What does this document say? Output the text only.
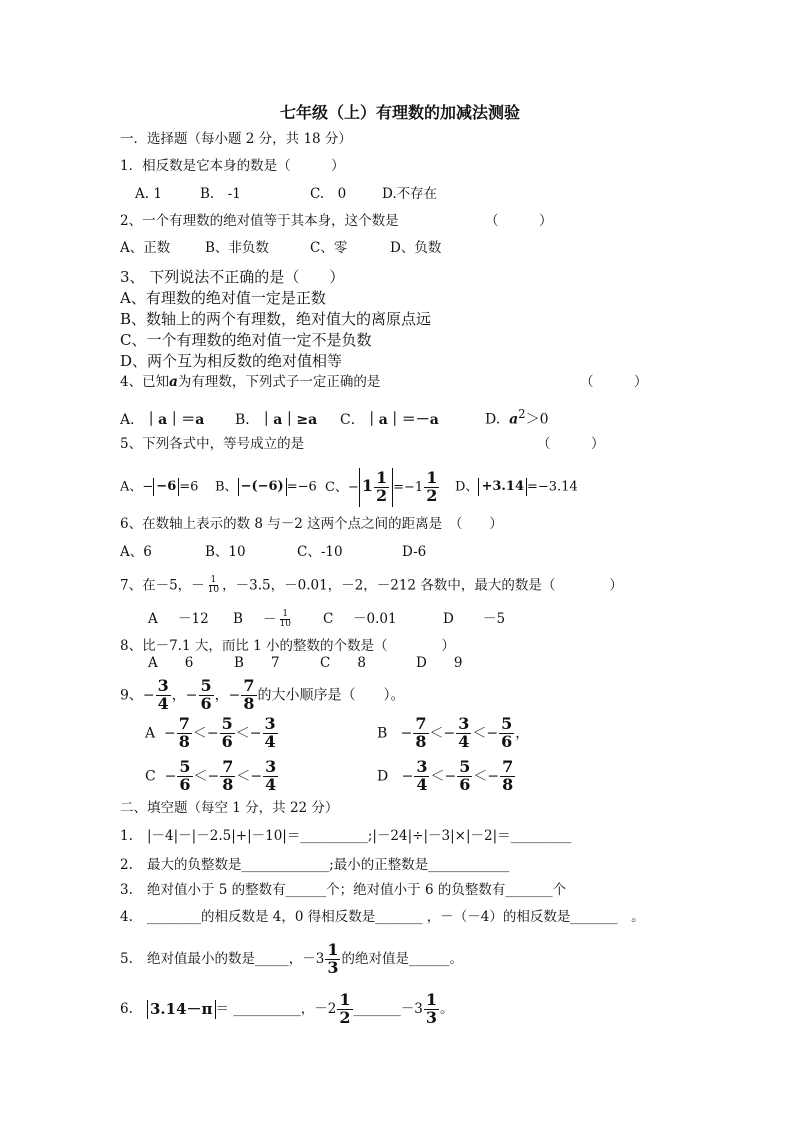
七年级（上）有理数的加减法测验
一．选择题（每小题 2 分，共 18 分）
1．相反数是它本身的数是（　　　）
A. 1	B.　-1	C.　0	D.不存在
2、一个有理数的绝对值等于其本身，这个数是	（　　　）
A、正数	B、非负数	C、零	D、负数
3、 下列说法不正确的是（　　）
A、有理数的绝对值一定是正数
B、数轴上的两个有理数，绝对值大的离原点远
C、一个有理数的绝对值一定不是负数
D、两个互为相反数的绝对值相等
4、已知a为有理数，下列式子一定正确的是	（　　　）
A．｜a｜＝a B．｜a｜≥a C．｜a｜＝－a	D. $a^2>0$
5、下列各式中，等号成立的是	（　　　）
A、− −6 =6 B、 −(−6) =−6 C、− $1 \frac{1}{2} =-1 \frac{1}{2}$ D、 +3.14 =−3.14
6、在数轴上表示的数 8 与－2 这两个点之间的距离是　（　　）
A、6	B、10	C、-10	D-6
7、在－5，－ $\frac{1}{10}$ ，－3.5，－0.01，－2，－212 各数中，最大的数是（　　　　）
A －12 $B - \frac{1}{10}$ C －0.01	D －5
8、比－7.1 大，而比 1 小的整数的个数是（　　　　）
A　　6	B　　7	C　　8	D　　9
9、− $\frac{3}{4}$ ，− $\frac{5}{6}$ ，− $\frac{7}{8}$ 的大小顺序是（　　）。
$A - \frac{7}{8} <- \frac{5}{6} <- \frac{3}{4}$	$B - \frac{7}{8} <- \frac{3}{4} <- \frac{5}{6}$ ，
$C - \frac{5}{6} <- \frac{7}{8} <- \frac{3}{4}$	$D - \frac{3}{4} <- \frac{5}{6} <- \frac{7}{8}$
二、填空题（每空 1 分，共 22 分）
1. |－4|－|－2.5|+|－10|＝__________;|－24|÷|－3|×|－2|＝_________
2. 最大的负整数是_____________;最小的正整数是____________
3. 绝对值小于 5 的整数有______个；绝对值小于 6 的负整数有_______个
4. ________的相反数是 4，0 得相反数是_______ ，－（－4）的相反数是_______　。
5. 绝对值最小的数是_____，$-3 \frac{1}{3}$ 的绝对值是______。
6. 3.14－π ＝ __________，$-2 \frac{1}{2}$ _______－3 $\frac{1}{3}$ 。
